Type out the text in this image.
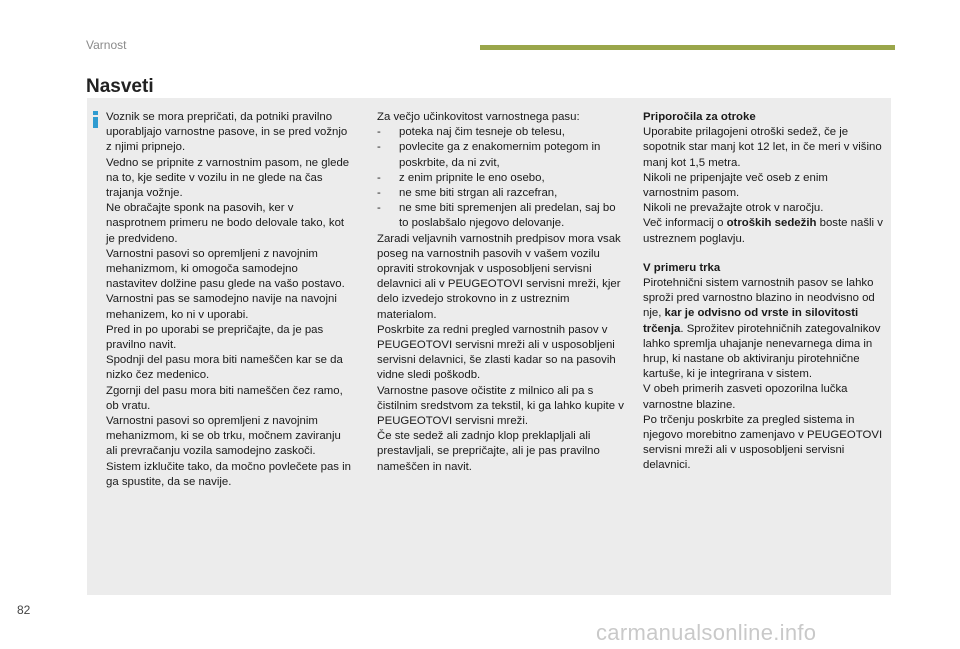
Varnost
Nasveti

Voznik se mora prepričati, da potniki pravilno uporabljajo varnostne pasove, in se pred vožnjo z njimi pripnejo.

Vedno se pripnite z varnostnim pasom, ne glede na to, kje sedite v vozilu in ne glede na čas trajanja vožnje.

Ne obračajte sponk na pasovih, ker v nasprotnem primeru ne bodo delovale tako, kot je predvideno.

Varnostni pasovi so opremljeni z navojnim mehanizmom, ki omogoča samodejno nastavitev dolžine pasu glede na vašo postavo. Varnostni pas se samodejno navije na navojni mehanizem, ko ni v uporabi.

Pred in po uporabi se prepričajte, da je pas pravilno navit.

Spodnji del pasu mora biti nameščen kar se da nizko čez medenico.

Zgornji del pasu mora biti nameščen čez ramo, ob vratu.

Varnostni pasovi so opremljeni z navojnim mehanizmom, ki se ob trku, močnem zaviranju ali prevračanju vozila samodejno zaskoči. Sistem izklučite tako, da močno povlečete pas in ga spustite, da se navije.

Za večjo učinkovitost varnostnega pasu:

-	poteka naj čim tesneje ob telesu,
-	povlecite ga z enakomernim potegom in poskrbite, da ni zvit,
-	z enim pripnite le eno osebo,
-	ne sme biti strgan ali razcefran,
-	ne sme biti spremenjen ali predelan, saj bo to poslabšalo njegovo delovanje.

Zaradi veljavnih varnostnih predpisov mora vsak poseg na varnostnih pasovih v vašem vozilu opraviti strokovnjak v usposobljeni servisni delavnici ali v PEUGEOTOVI servisni mreži, kjer delo izvedejo strokovno in z ustreznim materialom.

Poskrbite za redni pregled varnostnih pasov v PEUGEOTOVI servisni mreži ali v usposobljeni servisni delavnici, še zlasti kadar so na pasovih vidne sledi poškodb.

Varnostne pasove očistite z milnico ali pa s čistilnim sredstvom za tekstil, ki ga lahko kupite v PEUGEOTOVI servisni mreži.

Če ste sedež ali zadnjo klop preklapljali ali prestavljali, se prepričajte, ali je pas pravilno nameščen in navit.

Priporočila za otroke

Uporabite prilagojeni otroški sedež, če je sopotnik star manj kot 12 let, in če meri v višino manj kot 1,5 metra.

Nikoli ne pripenjajte več oseb z enim varnostnim pasom.

Nikoli ne prevažajte otrok v naročju.

Več informacij o otroških sedežih boste našli v ustreznem poglavju.

V primeru trka

Pirotehnični sistem varnostnih pasov se lahko sproži pred varnostno blazino in neodvisno od nje, kar je odvisno od vrste in silovitosti trčenja. Sprožitev pirotehničnih zategovalnikov lahko spremlja uhajanje nenevarnega dima in hrup, ki nastane ob aktiviranju pirotehnične kartuše, ki je integrirana v sistem.

V obeh primerih zasveti opozorilna lučka varnostne blazine.

Po trčenju poskrbite za pregled sistema in njegovo morebitno zamenjavo v PEUGEOTOVI servisni mreži ali v usposobljeni servisni delavnici.

82
carmanualsonline.info
